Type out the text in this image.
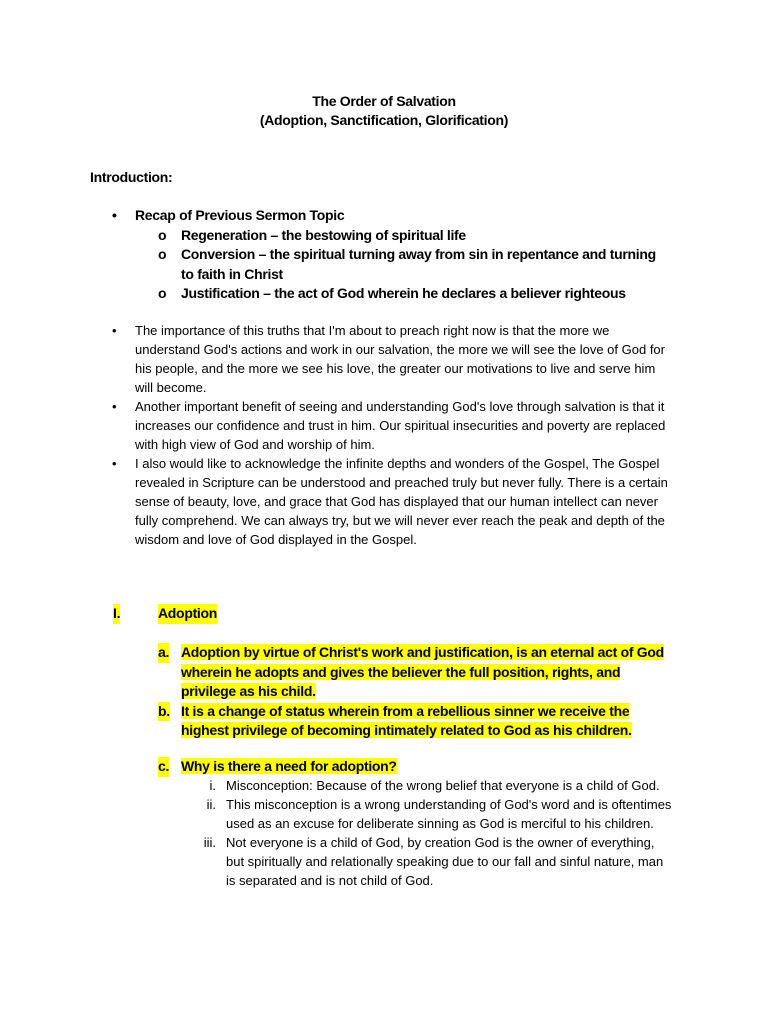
The Order of Salvation
(Adoption, Sanctification, Glorification)
Introduction:
•	Recap of Previous Sermon Topic
o Regeneration – the bestowing of spiritual life
o Conversion – the spiritual turning away from sin in repentance and turning to faith in Christ
o Justification – the act of God wherein he declares a believer righteous
• The importance of this truths that I'm about to preach right now is that the more we understand God's actions and work in our salvation, the more we will see the love of God for his people, and the more we see his love, the greater our motivations to live and serve him will become.
• Another important benefit of seeing and understanding God's love through salvation is that it increases our confidence and trust in him. Our spiritual insecurities and poverty are replaced with high view of God and worship of him.
• I also would like to acknowledge the infinite depths and wonders of the Gospel, The Gospel revealed in Scripture can be understood and preached truly but never fully. There is a certain sense of beauty, love, and grace that God has displayed that our human intellect can never fully comprehend. We can always try, but we will never ever reach the peak and depth of the wisdom and love of God displayed in the Gospel.
I.	Adoption
a. Adoption by virtue of Christ's work and justification, is an eternal act of God wherein he adopts and gives the believer the full position, rights, and privilege as his child.
b. It is a change of status wherein from a rebellious sinner we receive the highest privilege of becoming intimately related to God as his children.
c. Why is there a need for adoption?
i. Misconception: Because of the wrong belief that everyone is a child of God.
ii. This misconception is a wrong understanding of God's word and is oftentimes used as an excuse for deliberate sinning as God is merciful to his children.
iii. Not everyone is a child of God, by creation God is the owner of everything, but spiritually and relationally speaking due to our fall and sinful nature, man is separated and is not child of God.
